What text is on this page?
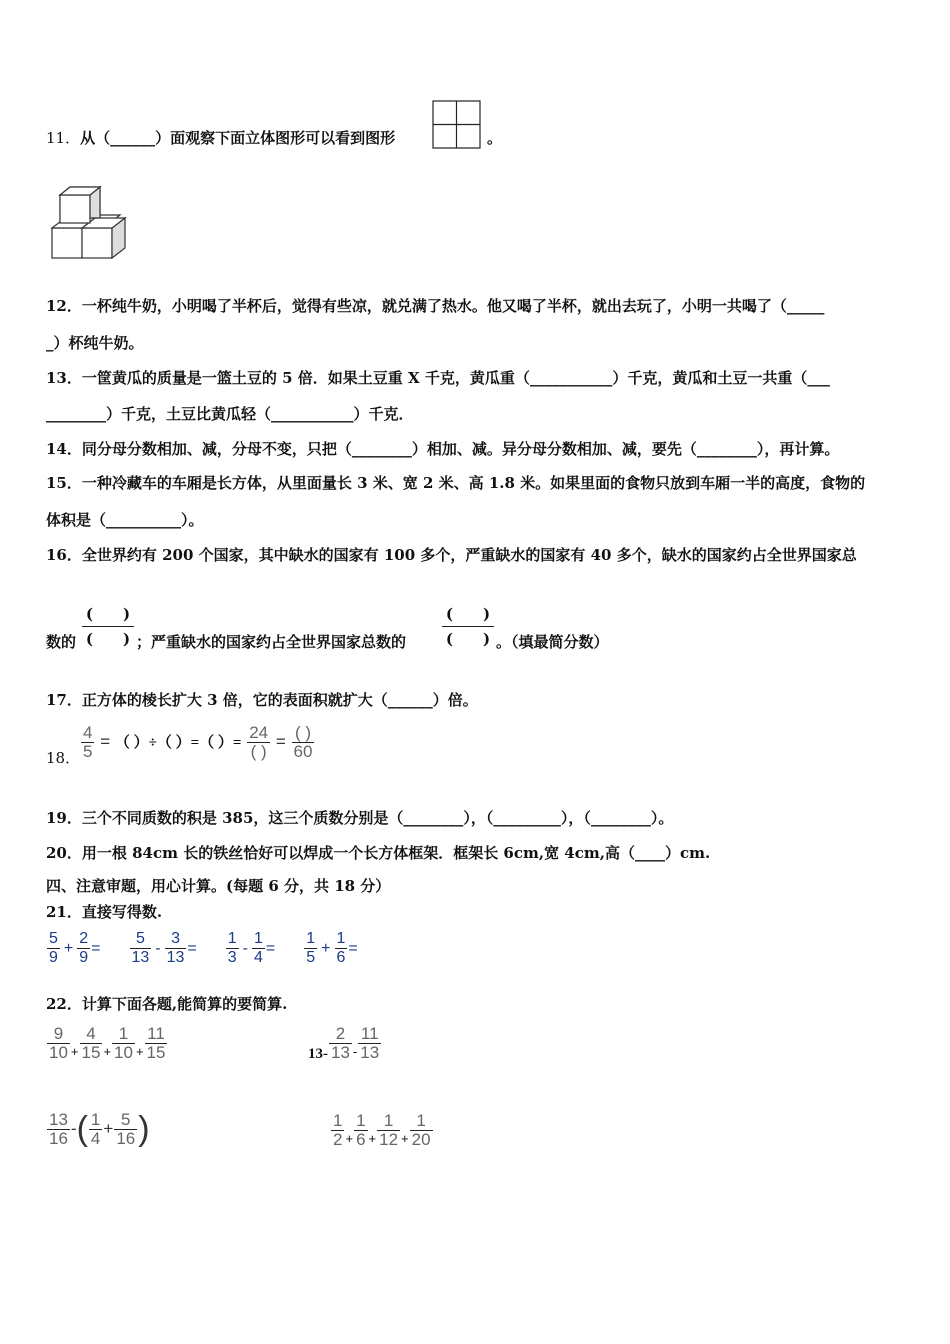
11．从（______）面观察下面立体图形可以看到图形	。
12．一杯纯牛奶，小明喝了半杯后，觉得有些凉，就兑满了热水。他又喝了半杯，就出去玩了，小明一共喝了（_____
_）杯纯牛奶。
13．一筐黄瓜的质量是一篮土豆的 5 倍．如果土豆重 X 千克，黄瓜重（___________）千克，黄瓜和土豆一共重（___
________）千克，土豆比黄瓜轻（___________）千克．
14．同分母分数相加、减，分母不变，只把（________）相加、减。异分母分数相加、减，要先（________），再计算。
15．一种冷藏车的车厢是长方体，从里面量长 3 米、宽 2 米、高 1.8 米。如果里面的食物只放到车厢一半的高度，食物的
体积是（__________）。
16．全世界约有 200 个国家，其中缺水的国家有 100 多个，严重缺水的国家有 40 多个，缺水的国家约占全世界国家总
数的
(　　)
(　　) ；严重缺水的国家约占全世界国家总数的
(　　)
(　　) 。（填最简分数）
17．正方体的棱长扩大 3 倍，它的表面积就扩大（______）倍。
18． $\frac{4}{5}$ = （ ）÷（ ）=（ ）= $\frac{24}{( )} = \frac{( )}{60}$
19．三个不同质数的积是 385，这三个质数分别是（________），（_________），（________）。
20．用一根 84cm 长的铁丝恰好可以焊成一个长方体框架．框架长 6cm,宽 4cm,高（____）cm.
四、注意审题，用心计算。(每题 6 分，共 18 分）
21．直接写得数.
$\frac{5}{9} + \frac{2}{9} = \frac{5}{13} - \frac{3}{13} = \frac{1}{3} - \frac{1}{4} = \frac{1}{5} + \frac{1}{6}$ =
22．计算下面各题,能简算的要简算.
$\frac{9}{10} _+ \frac{4}{15} _+ \frac{1}{10} _+ \frac{11}{15}$	$13- \frac{2}{13} _- \frac{11}{13}$
$\frac{13}{16}$ -( $\frac{1}{4} + \frac{5}{16}$ )	$\frac{1}{2} _+ \frac{1}{6} _+ \frac{1}{12} _+ \frac{1}{20}$
